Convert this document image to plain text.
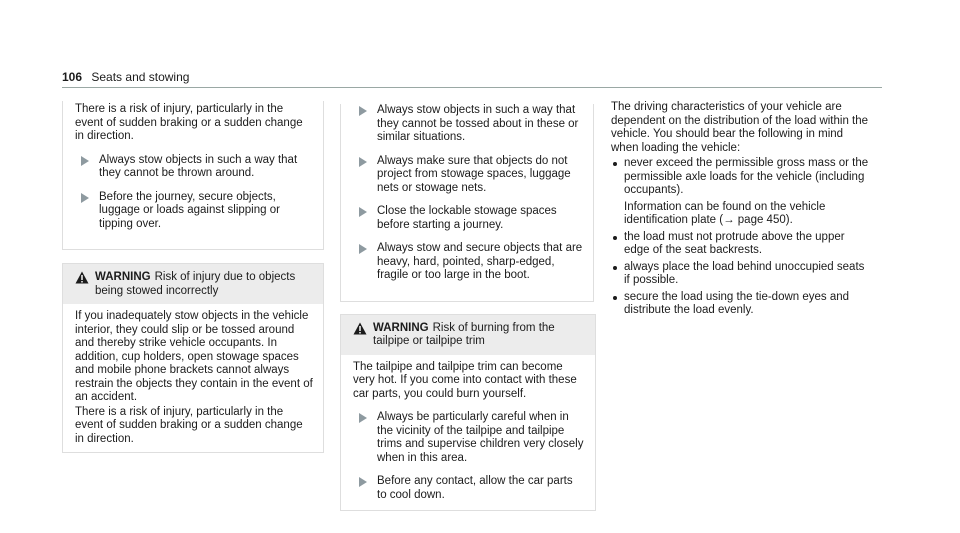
106 Seats and stowing

There is a risk of injury, particularly in the event of sudden braking or a sudden change in direction.

Always stow objects in such a way that they cannot be thrown around.
Before the journey, secure objects, luggage or loads against slipping or tipping over.
WARNING Risk of injury due to objects being stowed incorrectly

If you inadequately stow objects in the vehicle interior, they could slip or be tossed around and thereby strike vehicle occupants. In addition, cup holders, open stowage spaces and mobile phone brackets cannot always restrain the objects they contain in the event of an accident.

There is a risk of injury, particularly in the event of sudden braking or a sudden change in direction.

Always stow objects in such a way that they cannot be tossed about in these or similar situations.
Always make sure that objects do not project from stowage spaces, luggage nets or stowage nets.
Close the lockable stowage spaces before starting a journey.
Always stow and secure objects that are heavy, hard, pointed, sharp-edged, fragile or too large in the boot.
WARNING Risk of burning from the tailpipe or tailpipe trim

The tailpipe and tailpipe trim can become very hot. If you come into contact with these car parts, you could burn yourself.

Always be particularly careful when in the vicinity of the tailpipe and tailpipe trims and supervise children very closely when in this area.
Before any contact, allow the car parts to cool down.

The driving characteristics of your vehicle are dependent on the distribution of the load within the vehicle. You should bear the following in mind when loading the vehicle:

never exceed the permissible gross mass or the permissible axle loads for the vehicle (including occupants).
Information can be found on the vehicle identification plate (→ page 450).
the load must not protrude above the upper edge of the seat backrests.
always place the load behind unoccupied seats if possible.
secure the load using the tie-down eyes and distribute the load evenly.
